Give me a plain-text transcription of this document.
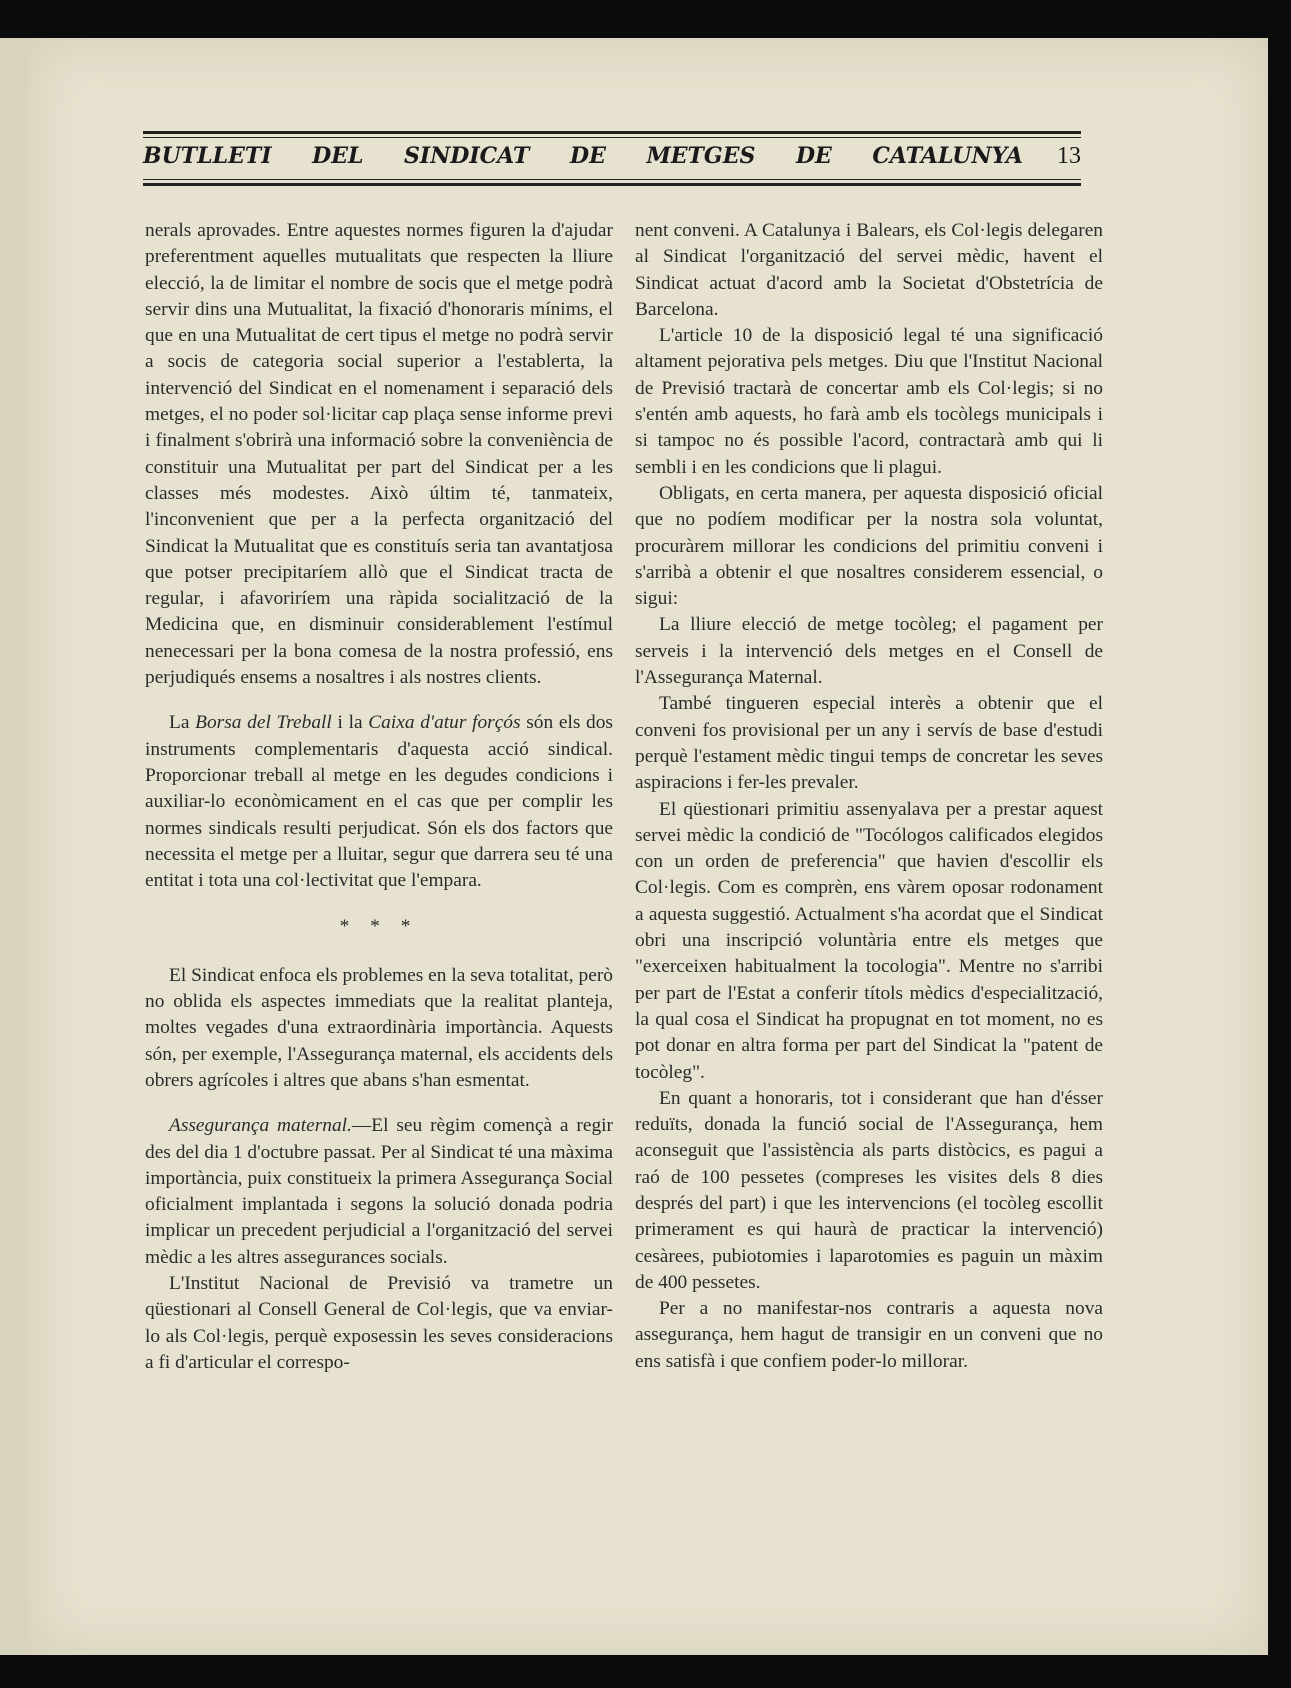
BUTLLETI DEL SINDICAT DE METGES DE CATALUNYA 13

nerals aprovades. Entre aquestes normes figuren la d'ajudar preferentment aquelles mutualitats que respecten la lliure elecció, la de limitar el nombre de socis que el metge podrà servir dins una Mutualitat, la fixació d'honoraris mínims, el que en una Mutualitat de cert tipus el metge no podrà servir a socis de categoria social superior a l'establerta, la intervenció del Sindicat en el nomenament i separació dels metges, el no poder sol·licitar cap plaça sense informe previ i finalment s'obrirà una informació sobre la conveniència de constituir una Mutualitat per part del Sindicat per a les classes més modestes. Això últim té, tanmateix, l'inconvenient que per a la perfecta organització del Sindicat la Mutualitat que es constituís seria tan avantatjosa que potser precipitaríem allò que el Sindicat tracta de regular, i afavoriríem una ràpida socialització de la Medicina que, en disminuir considerablement l'estímul nenecessari per la bona comesa de la nostra professió, ens perjudiqués ensems a nosaltres i als nostres clients.

La Borsa del Treball i la Caixa d'atur forçós són els dos instruments complementaris d'aquesta acció sindical. Proporcionar treball al metge en les degudes condicions i auxiliar-lo econòmicament en el cas que per complir les normes sindicals resulti perjudicat. Són els dos factors que necessita el metge per a lluitar, segur que darrera seu té una entitat i tota una col·lectivitat que l'empara.

* * *

El Sindicat enfoca els problemes en la seva totalitat, però no oblida els aspectes immediats que la realitat planteja, moltes vegades d'una extraordinària importància. Aquests són, per exemple, l'Assegurança maternal, els accidents dels obrers agrícoles i altres que abans s'han esmentat.

Assegurança maternal.—El seu règim començà a regir des del dia 1 d'octubre passat. Per al Sindicat té una màxima importància, puix constitueix la primera Assegurança Social oficialment implantada i segons la solució donada podria implicar un precedent perjudicial a l'organització del servei mèdic a les altres assegurances socials.

L'Institut Nacional de Previsió va trametre un qüestionari al Consell General de Col·legis, que va enviar-lo als Col·legis, perquè exposessin les seves consideracions a fi d'articular el correspo-

nent conveni. A Catalunya i Balears, els Col·legis delegaren al Sindicat l'organització del servei mèdic, havent el Sindicat actuat d'acord amb la Societat d'Obstetrícia de Barcelona.

L'article 10 de la disposició legal té una significació altament pejorativa pels metges. Diu que l'Institut Nacional de Previsió tractarà de concertar amb els Col·legis; si no s'entén amb aquests, ho farà amb els tocòlegs municipals i si tampoc no és possible l'acord, contractarà amb qui li sembli i en les condicions que li plagui.

Obligats, en certa manera, per aquesta disposició oficial que no podíem modificar per la nostra sola voluntat, procuràrem millorar les condicions del primitiu conveni i s'arribà a obtenir el que nosaltres considerem essencial, o sigui:

La lliure elecció de metge tocòleg; el pagament per serveis i la intervenció dels metges en el Consell de l'Assegurança Maternal.

També tingueren especial interès a obtenir que el conveni fos provisional per un any i servís de base d'estudi perquè l'estament mèdic tingui temps de concretar les seves aspiracions i fer-les prevaler.

El qüestionari primitiu assenyalava per a prestar aquest servei mèdic la condició de "Tocólogos calificados elegidos con un orden de preferencia" que havien d'escollir els Col·legis. Com es comprèn, ens vàrem oposar rodonament a aquesta suggestió. Actualment s'ha acordat que el Sindicat obri una inscripció voluntària entre els metges que "exerceixen habitualment la tocologia". Mentre no s'arribi per part de l'Estat a conferir títols mèdics d'especialització, la qual cosa el Sindicat ha propugnat en tot moment, no es pot donar en altra forma per part del Sindicat la "patent de tocòleg".

En quant a honoraris, tot i considerant que han d'ésser reduïts, donada la funció social de l'Assegurança, hem aconseguit que l'assistència als parts distòcics, es pagui a raó de 100 pessetes (compreses les visites dels 8 dies després del part) i que les intervencions (el tocòleg escollit primerament es qui haurà de practicar la intervenció) cesàrees, pubiotomies i laparotomies es paguin un màxim de 400 pessetes.

Per a no manifestar-nos contraris a aquesta nova assegurança, hem hagut de transigir en un conveni que no ens satisfà i que confiem poder-lo millorar.
